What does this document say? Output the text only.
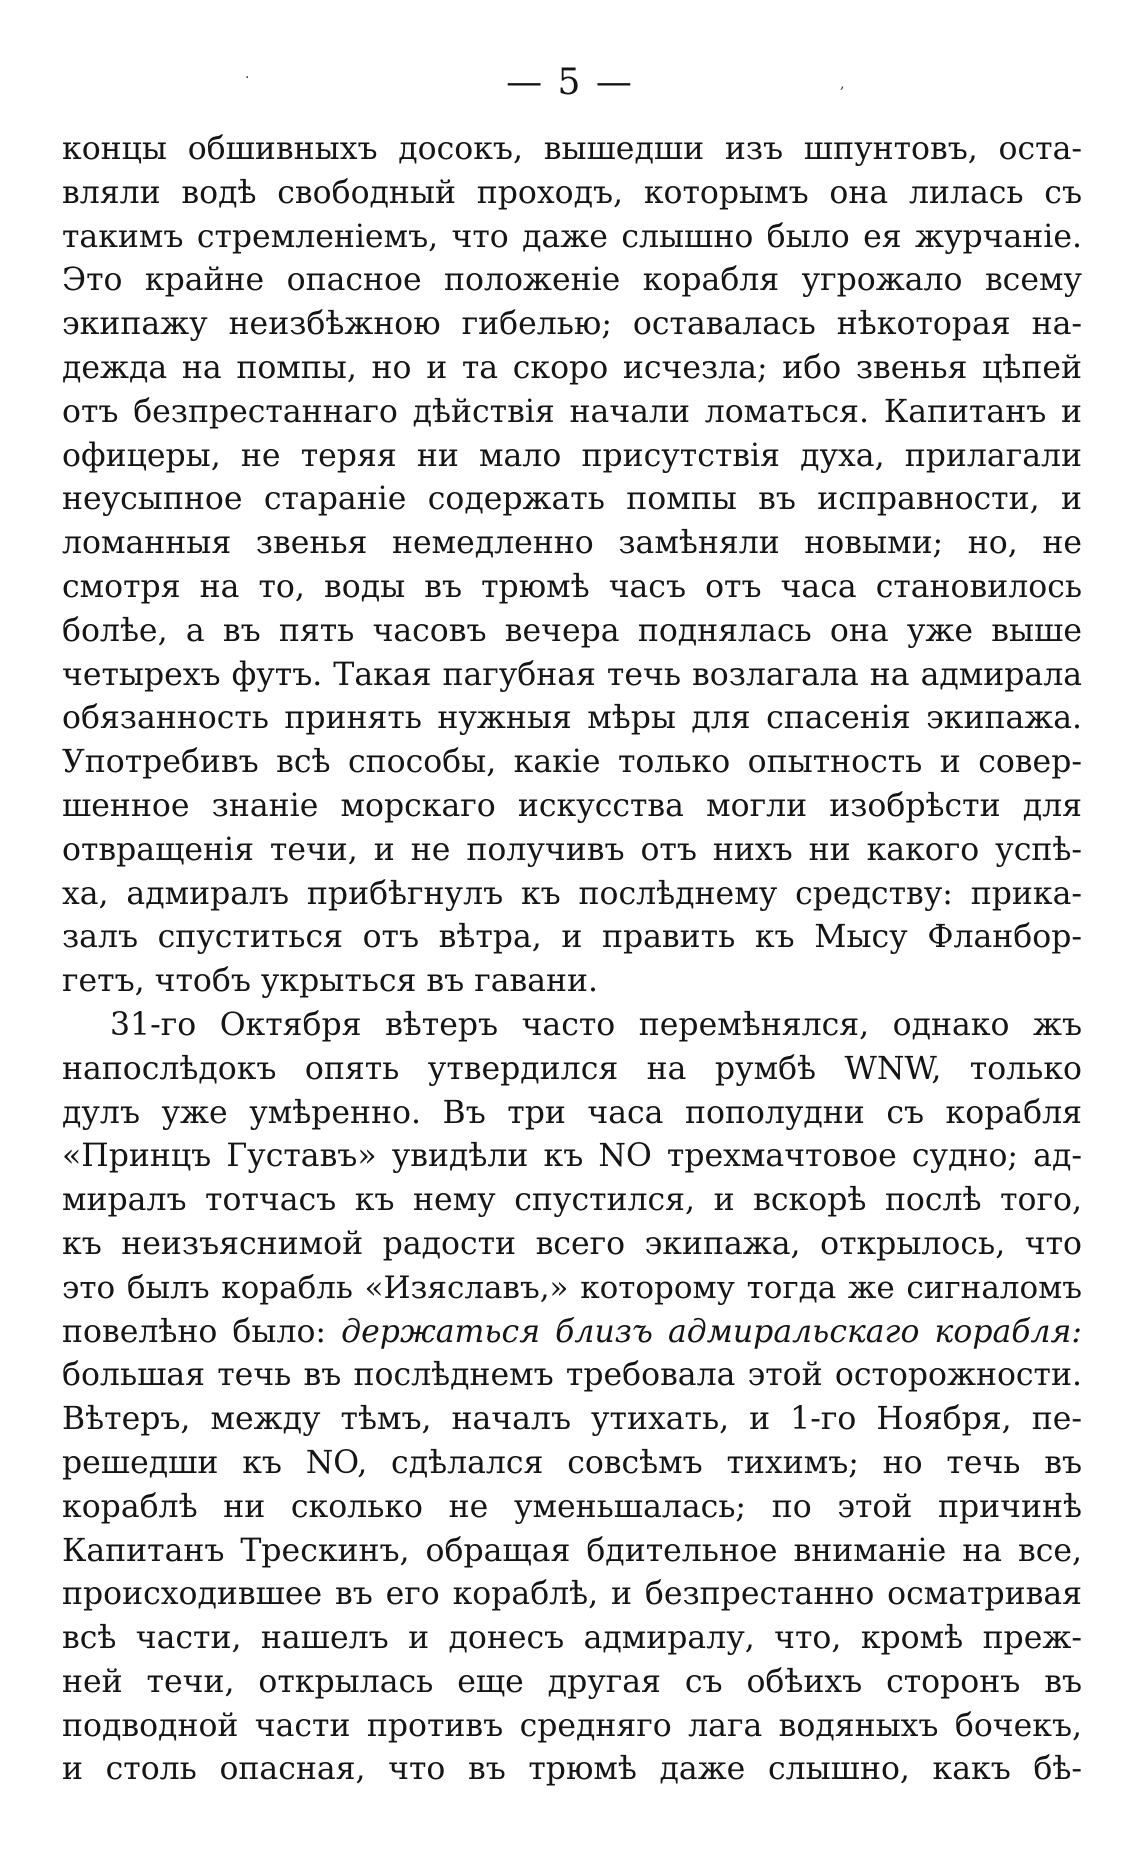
·	,
— 5 —
концы обшивныхъ досокъ, вышедши изъ шпунтовъ, оста-
вляли водѣ свободный проходъ, которымъ она лилась съ
такимъ стремленіемъ, что даже слышно было ея журчаніе.
Это крайне опасное положеніе корабля угрожало всему
экипажу неизбѣжною гибелью; оставалась нѣкоторая на-
дежда на помпы, но и та скоро исчезла; ибо звенья цѣпей
отъ безпрестаннаго дѣйствія начали ломаться. Капитанъ и
офицеры, не теряя ни мало присутствія духа, прилагали
неусыпное стараніе содержать помпы въ исправности, и
ломанныя звенья немедленно замѣняли новыми; но, не
смотря на то, воды въ трюмѣ часъ отъ часа становилось
болѣе, а въ пять часовъ вечера поднялась она уже выше
четырехъ футъ. Такая пагубная течь возлагала на адмирала
обязанность принять нужныя мѣры для спасенія экипажа.
Употребивъ всѣ способы, какіе только опытность и совер-
шенное знаніе морскаго искусства могли изобрѣсти для
отвращенія течи, и не получивъ отъ нихъ ни какого успѣ-
ха, адмиралъ прибѣгнулъ къ послѣднему средству: прика-
залъ спуститься отъ вѣтра, и править къ Мысу Фланбор-
гетъ, чтобъ укрыться въ гавани.
31-го Октября вѣтеръ часто перемѣнялся, однако жъ
напослѣдокъ опять утвердился на румбѣ WNW, только
дулъ уже умѣренно. Въ три часа пополудни съ корабля
«Принцъ Густавъ» увидѣли къ NO трехмачтовое судно; ад-
миралъ тотчасъ къ нему спустился, и вскорѣ послѣ того,
къ неизъяснимой радости всего экипажа, открылось, что
это былъ корабль «Изяславъ,» которому тогда же сигналомъ
повелѣно было: держаться близъ адмиральскаго корабля:
большая течь въ послѣднемъ требовала этой осторожности.
Вѣтеръ, между тѣмъ, началъ утихать, и 1-го Ноября, пе-
решедши къ NO, сдѣлался совсѣмъ тихимъ; но течь въ
кораблѣ ни сколько не уменьшалась; по этой причинѣ
Капитанъ Трескинъ, обращая бдительное вниманіе на все,
происходившее въ его кораблѣ, и безпрестанно осматривая
всѣ части, нашелъ и донесъ адмиралу, что, кромѣ преж-
ней течи, открылась еще другая съ обѣихъ сторонъ въ
подводной части противъ средняго лага водяныхъ бочекъ,
и столь опасная, что въ трюмѣ даже слышно, какъ бѣ-
